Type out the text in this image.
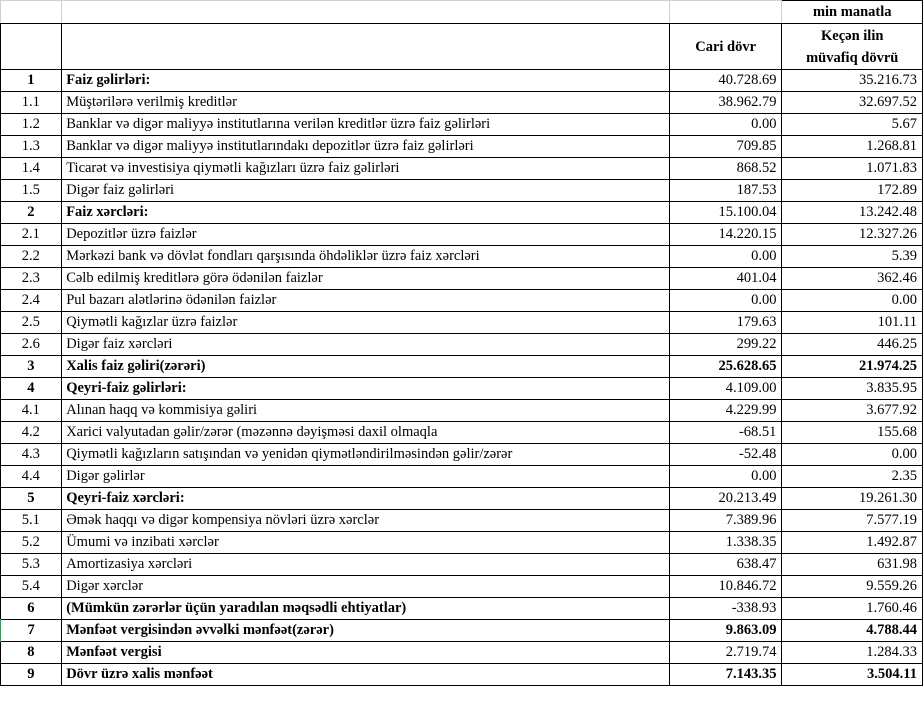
			min manatla
		Cari dövr	Keçən ilin
müvafiq dövrü

1	Faiz gəlirləri:	40.728.69	35.216.73
1.1	Müştərilərə verilmiş kreditlər	38.962.79	32.697.52
1.2	Banklar və digər maliyyə institutlarına verilən kreditlər üzrə faiz gəlirləri	0.00	5.67
1.3	Banklar və digər maliyyə institutlarındakı depozitlər üzrə faiz gəlirləri	709.85	1.268.81
1.4	Ticarət və investisiya qiymətli kağızları üzrə faiz gəlirləri	868.52	1.071.83
1.5	Digər faiz gəlirləri	187.53	172.89
2	Faiz xərcləri:	15.100.04	13.242.48
2.1	Depozitlər üzrə faizlər	14.220.15	12.327.26
2.2	Mərkəzi bank və dövlət fondları qarşısında öhdəliklər üzrə faiz xərcləri	0.00	5.39
2.3	Cəlb edilmiş kreditlərə görə ödənilən faizlər	401.04	362.46
2.4	Pul bazarı alətlərinə ödənilən faizlər	0.00	0.00
2.5	Qiymətli kağızlar üzrə faizlər	179.63	101.11
2.6	Digər faiz xərcləri	299.22	446.25
3	Xalis faiz gəliri(zərəri)	25.628.65	21.974.25
4	Qeyri-faiz gəlirləri:	4.109.00	3.835.95
4.1	Alınan haqq və kommisiya gəliri	4.229.99	3.677.92
4.2	Xarici valyutadan gəlir/zərər (məzənnə dəyişməsi daxil olmaqla	-68.51	155.68
4.3	Qiymətli kağızların satışından və yenidən qiymətləndirilməsindən gəlir/zərər	-52.48	0.00
4.4	Digər gəlirlər	0.00	2.35
5	Qeyri-faiz xərcləri:	20.213.49	19.261.30
5.1	Əmək haqqı və digər kompensiya növləri üzrə xərclər	7.389.96	7.577.19
5.2	Ümumi və inzibati xərclər	1.338.35	1.492.87
5.3	Amortizasiya xərcləri	638.47	631.98
5.4	Digər xərclər	10.846.72	9.559.26
6	(Mümkün zərərlər üçün yaradılan məqsədli ehtiyatlar)	-338.93	1.760.46
7	Mənfəət vergisindən əvvəlki mənfəət(zərər)	9.863.09	4.788.44
8	Mənfəət vergisi	2.719.74	1.284.33
9	Dövr üzrə xalis mənfəət	7.143.35	3.504.11
